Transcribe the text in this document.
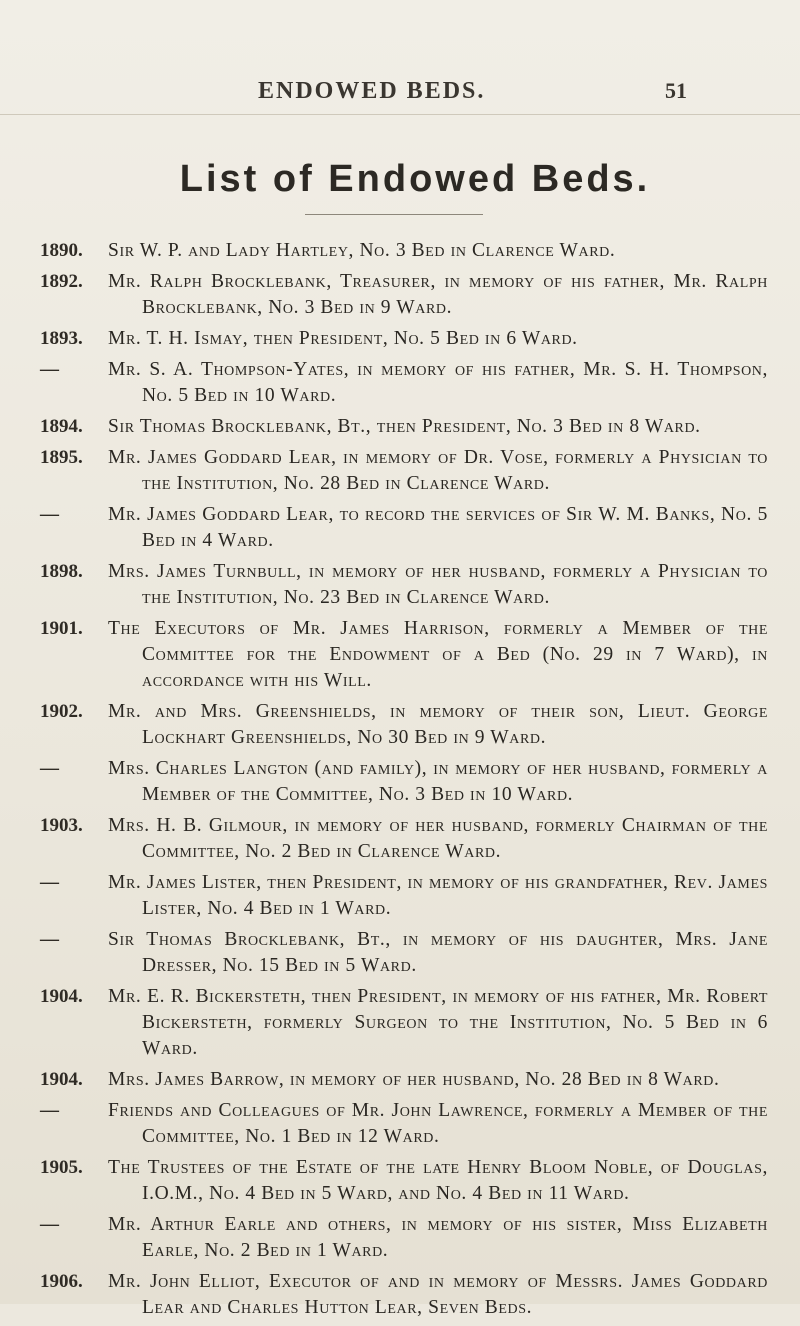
ENDOWED BEDS.	51
List of Endowed Beds.
1890.	Sir W. P. and Lady Hartley, No. 3 Bed in Clarence Ward.
1892.	Mr. Ralph Brocklebank, Treasurer, in memory of his father, Mr. Ralph Brocklebank, No. 3 Bed in 9 Ward.
1893.	Mr. T. H. Ismay, then President, No. 5 Bed in 6 Ward.
—	Mr. S. A. Thompson-Yates, in memory of his father, Mr. S. H. Thompson, No. 5 Bed in 10 Ward.
1894.	Sir Thomas Brocklebank, Bt., then President, No. 3 Bed in 8 Ward.
1895.	Mr. James Goddard Lear, in memory of Dr. Vose, formerly a Physician to the Institution, No. 28 Bed in Clarence Ward.
—	Mr. James Goddard Lear, to record the services of Sir W. M. Banks, No. 5 Bed in 4 Ward.
1898.	Mrs. James Turnbull, in memory of her husband, formerly a Physician to the Institution, No. 23 Bed in Clarence Ward.
1901.	The Executors of Mr. James Harrison, formerly a Member of the Committee for the Endowment of a Bed (No. 29 in 7 Ward), in accordance with his Will.
1902.	Mr. and Mrs. Greenshields, in memory of their son, Lieut. George Lockhart Greenshields, No 30 Bed in 9 Ward.
—	Mrs. Charles Langton (and family), in memory of her husband, formerly a Member of the Committee, No. 3 Bed in 10 Ward.
1903.	Mrs. H. B. Gilmour, in memory of her husband, formerly Chairman of the Committee, No. 2 Bed in Clarence Ward.
—	Mr. James Lister, then President, in memory of his grandfather, Rev. James Lister, No. 4 Bed in 1 Ward.
—	Sir Thomas Brocklebank, Bt., in memory of his daughter, Mrs. Jane Dresser, No. 15 Bed in 5 Ward.
1904.	Mr. E. R. Bickersteth, then President, in memory of his father, Mr. Robert Bickersteth, formerly Surgeon to the Institution, No. 5 Bed in 6 Ward.
1904.	Mrs. James Barrow, in memory of her husband, No. 28 Bed in 8 Ward.
—	Friends and Colleagues of Mr. John Lawrence, formerly a Member of the Committee, No. 1 Bed in 12 Ward.
1905.	The Trustees of the Estate of the late Henry Bloom Noble, of Douglas, I.O.M., No. 4 Bed in 5 Ward, and No. 4 Bed in 11 Ward.
—	Mr. Arthur Earle and others, in memory of his sister, Miss Elizabeth Earle, No. 2 Bed in 1 Ward.
1906.	Mr. John Elliot, Executor of and in memory of Messrs. James Goddard Lear and Charles Hutton Lear, Seven Beds.
